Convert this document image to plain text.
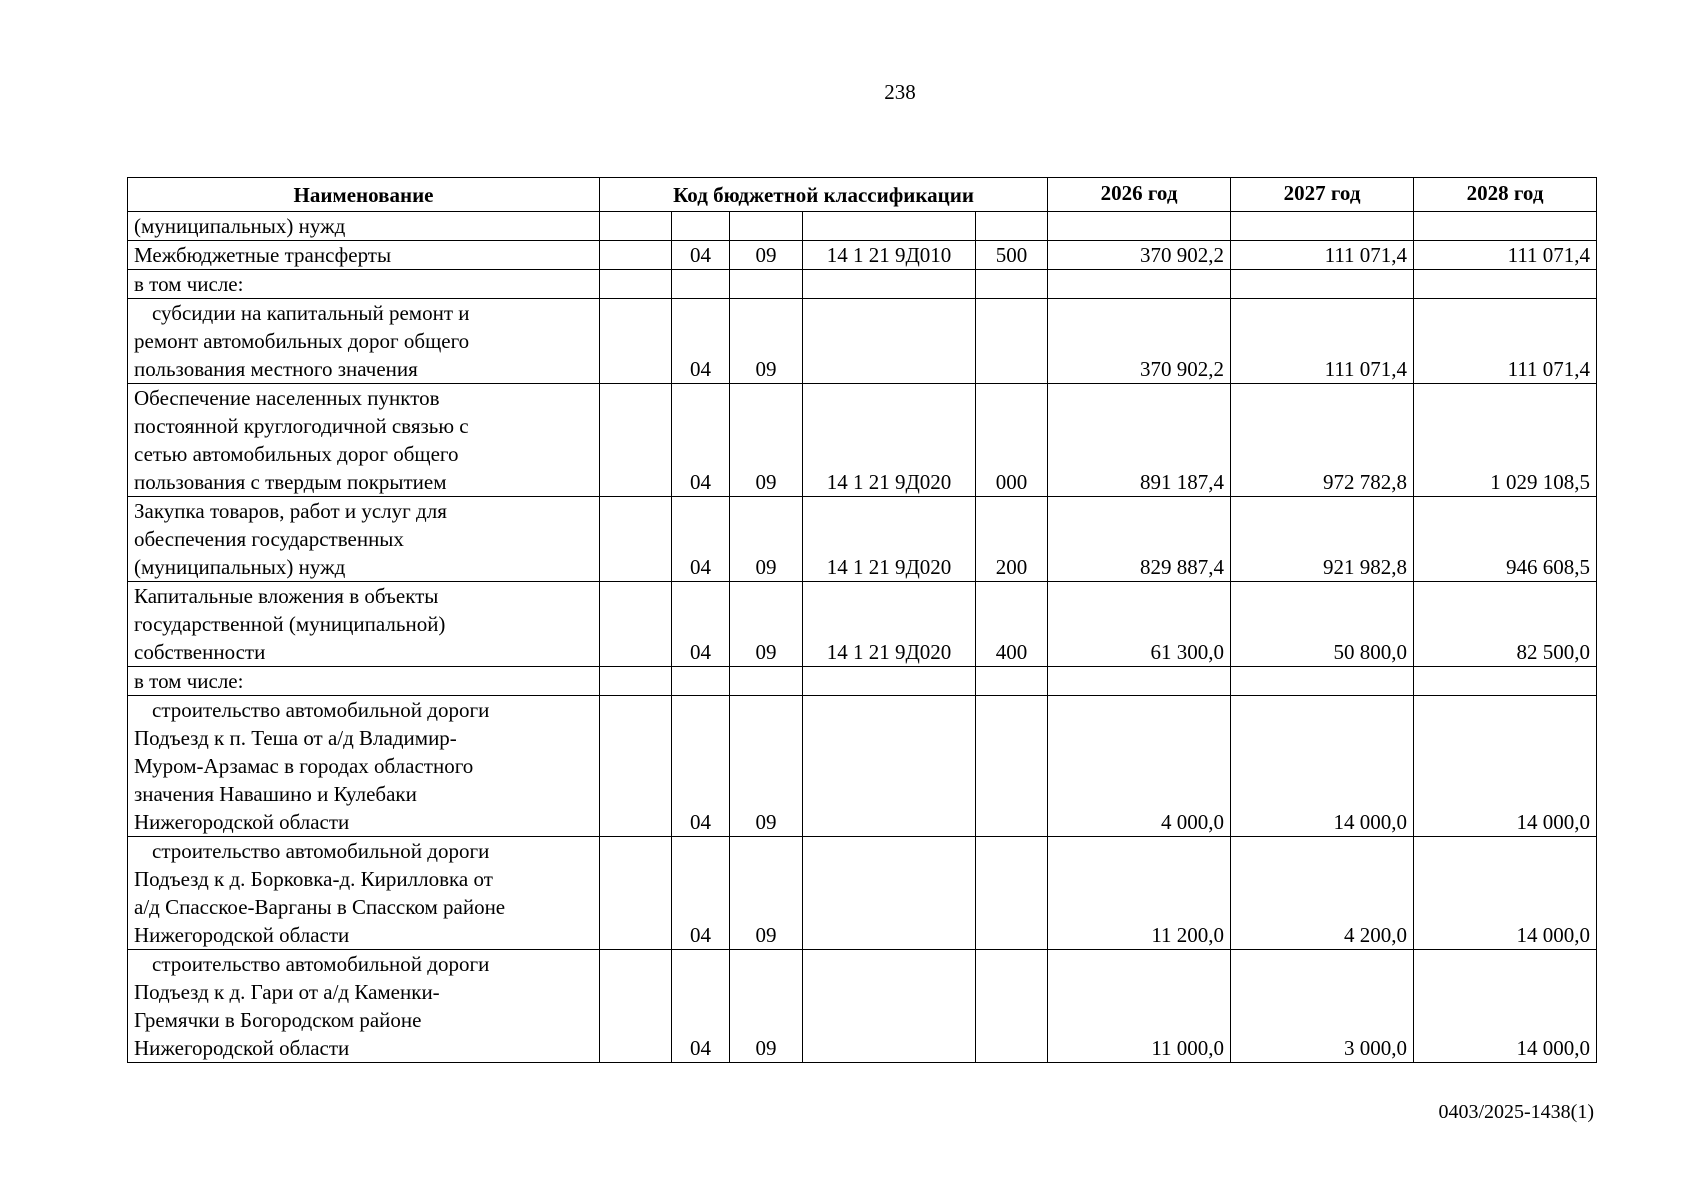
238
Наименование	Код бюджетной классификации					2026 год	2027 год	2028 год

(муниципальных) нужд								

Межбюджетные трансферты		04	09	14 1 21 9Д010	500	370 902,2	111 071,4	111 071,4

в том числе:								

субсидии на капитальный ремонт и
ремонт автомобильных дорог общего
пользования местного значения		04	09			370 902,2	111 071,4	111 071,4

Обеспечение населенных пунктов
постоянной круглогодичной связью с
сетью автомобильных дорог общего
пользования с твердым покрытием		04	09	14 1 21 9Д020	000	891 187,4	972 782,8	1 029 108,5

Закупка товаров, работ и услуг для
обеспечения государственных
(муниципальных) нужд		04	09	14 1 21 9Д020	200	829 887,4	921 982,8	946 608,5

Капитальные вложения в объекты
государственной (муниципальной)
собственности		04	09	14 1 21 9Д020	400	61 300,0	50 800,0	82 500,0

в том числе:								

строительство автомобильной дороги
Подъезд к п. Теша от а/д Владимир-
Муром-Арзамас в городах областного
значения Навашино и Кулебаки
Нижегородской области		04	09			4 000,0	14 000,0	14 000,0

строительство автомобильной дороги
Подъезд к д. Борковка-д. Кирилловка от
а/д Спасское-Варганы в Спасском районе
Нижегородской области		04	09			11 200,0	4 200,0	14 000,0

строительство автомобильной дороги
Подъезд к д. Гари от а/д Каменки-
Гремячки в Богородском районе
Нижегородской области		04	09			11 000,0	3 000,0	14 000,0
0403/2025-1438(1)
